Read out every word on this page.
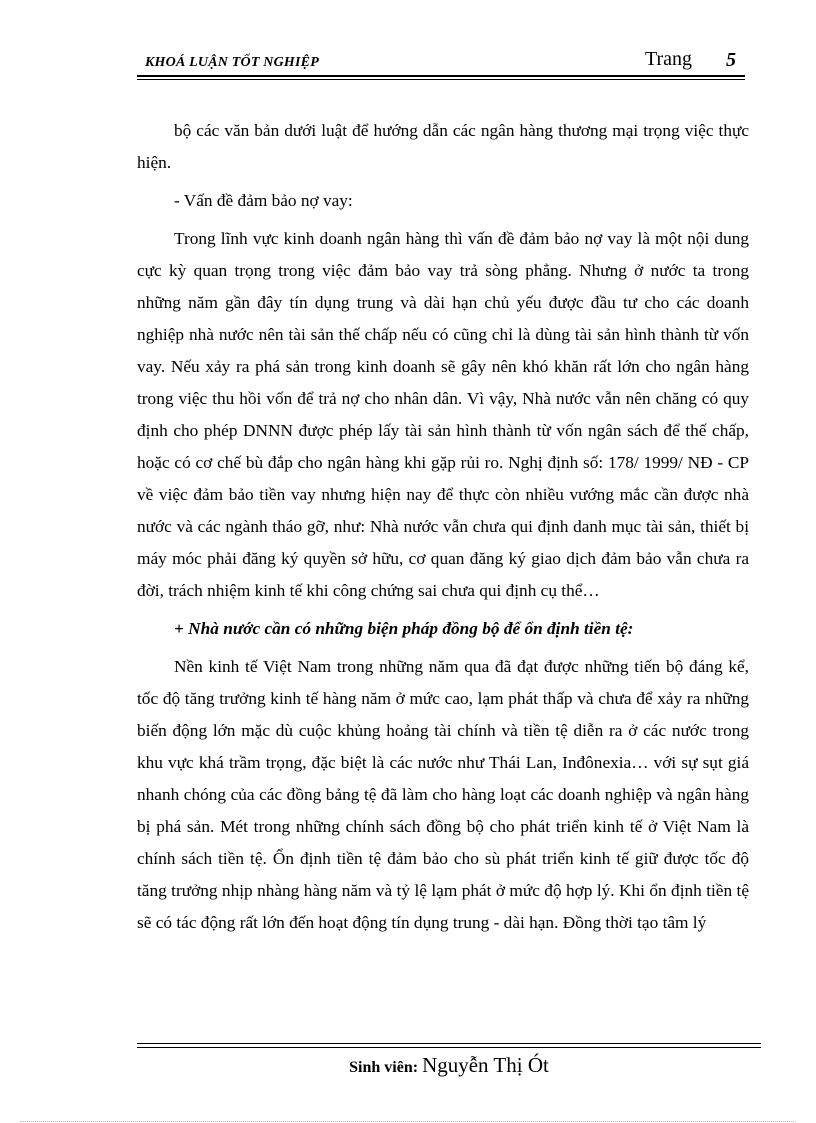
KHOÁ LUẬN TỐT NGHIỆP	Trang 5

bộ các văn bản dưới luật để hướng dẫn các ngân hàng thương mại trọng việc thực hiện.

- Vấn đề đảm bảo nợ vay:

Trong lĩnh vực kinh doanh ngân hàng thì vấn đề đảm bảo nợ vay là một nội dung cực kỳ quan trọng trong việc đảm bảo vay trả sòng phẳng. Nhưng ở nước ta trong những năm gần đây tín dụng trung và dài hạn chủ yếu được đầu tư cho các doanh nghiệp nhà nước nên tài sản thế chấp nếu có cũng chỉ là dùng tài sản hình thành từ vốn vay. Nếu xảy ra phá sản trong kinh doanh sẽ gây nên khó khăn rất lớn cho ngân hàng trong việc thu hồi vốn để trả nợ cho nhân dân. Vì vậy, Nhà nước vẫn nên chăng có quy định cho phép DNNN được phép lấy tài sản hình thành từ vốn ngân sách để thế chấp, hoặc có cơ chế bù đắp cho ngân hàng khi gặp rủi ro. Nghị định số: 178/ 1999/ NĐ - CP về việc đảm bảo tiền vay nhưng hiện nay để thực còn nhiều vướng mắc cần được nhà nước và các ngành tháo gỡ, như: Nhà nước vẫn chưa qui định danh mục tài sản, thiết bị máy móc phải đăng ký quyền sở hữu, cơ quan đăng ký giao dịch đảm bảo vẫn chưa ra đời, trách nhiệm kinh tế khi công chứng sai chưa qui định cụ thể…

+ Nhà nước cần có những biện pháp đồng bộ để ổn định tiền tệ:

Nền kinh tế Việt Nam trong những năm qua đã đạt được những tiến bộ đáng kể, tốc độ tăng trưởng kinh tế hàng năm ở mức cao, lạm phát thấp và chưa để xảy ra những biến động lớn mặc dù cuộc khủng hoảng tài chính và tiền tệ diễn ra ở các nước trong khu vực khá trầm trọng, đặc biệt là các nước như Thái Lan, Inđônexia… với sự sụt giá nhanh chóng của các đồng bảng tệ đã làm cho hàng loạt các doanh nghiệp và ngân hàng bị phá sản. Mét trong những chính sách đồng bộ cho phát triển kinh tế ở Việt Nam là chính sách tiền tệ. Ổn định tiền tệ đảm bảo cho sù phát triển kinh tế giữ được tốc độ tăng trưởng nhịp nhàng hàng năm và tỷ lệ lạm phát ở mức độ hợp lý. Khi ổn định tiền tệ sẽ có tác động rất lớn đến hoạt động tín dụng trung - dài hạn. Đồng thời tạo tâm lý

Sinh viên: Nguyễn Thị Ót
